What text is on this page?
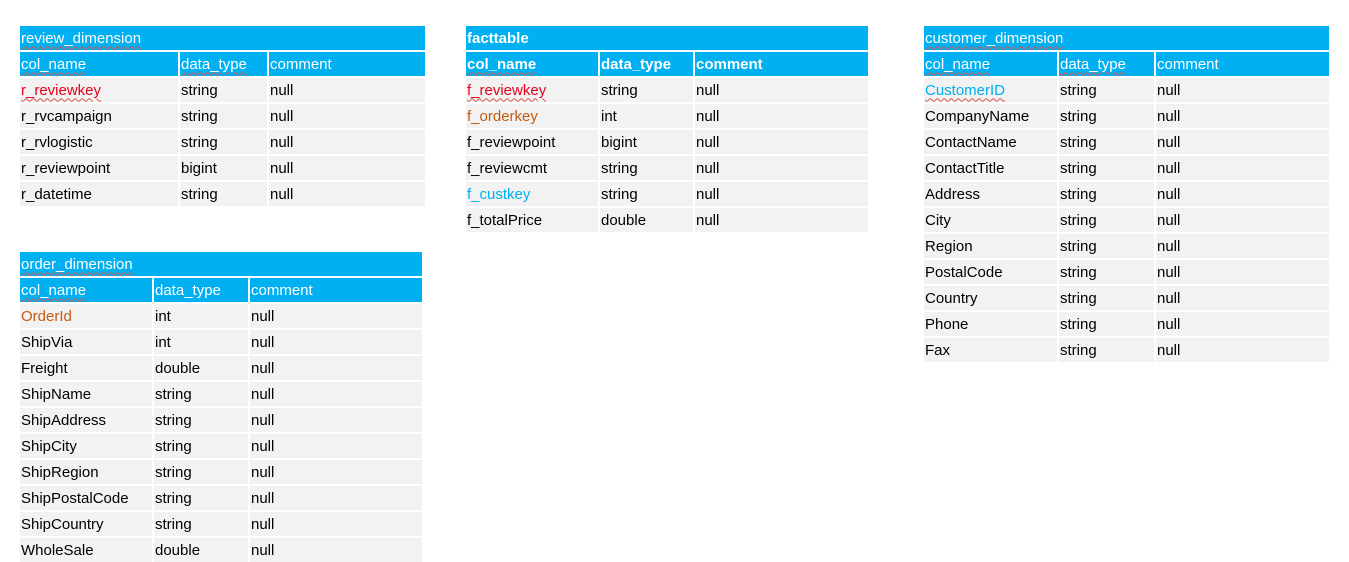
review_dimension		
col_name	data_type	comment
r_reviewkey	string	null
r_rvcampaign	string	null
r_rvlogistic	string	null
r_reviewpoint	bigint	null
r_datetime	string	null
facttable		
col_name	data_type	comment
f_reviewkey	string	null
f_orderkey	int	null
f_reviewpoint	bigint	null
f_reviewcmt	string	null
f_custkey	string	null
f_totalPrice	double	null
customer_dimension		
col_name	data_type	comment
CustomerID	string	null
CompanyName	string	null
ContactName	string	null
ContactTitle	string	null
Address	string	null
City	string	null
Region	string	null
PostalCode	string	null
Country	string	null
Phone	string	null
Fax	string	null
order_dimension		
col_name	data_type	comment
OrderId	int	null
ShipVia	int	null
Freight	double	null
ShipName	string	null
ShipAddress	string	null
ShipCity	string	null
ShipRegion	string	null
ShipPostalCode	string	null
ShipCountry	string	null
WholeSale	double	null
